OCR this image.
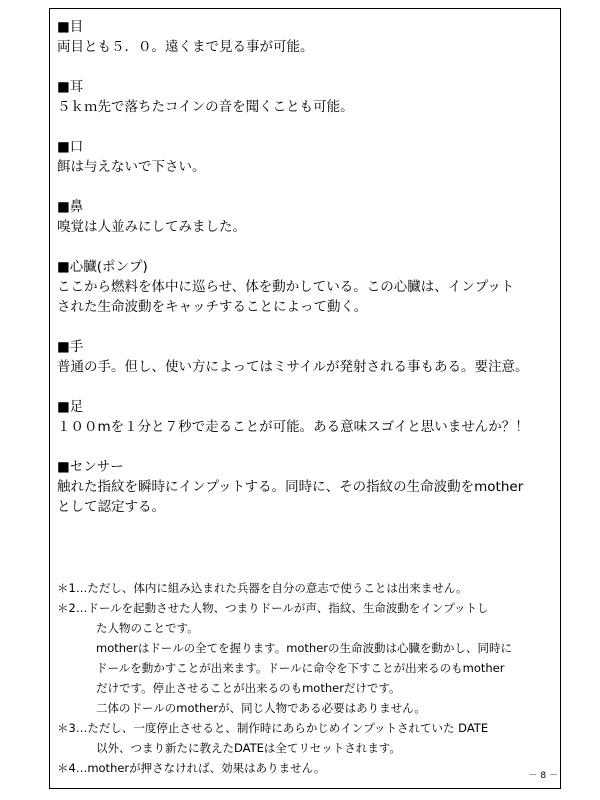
■目
両目とも５．０。遠くまで見る事が可能。
■耳
５ｋｍ先で落ちたコインの音を聞くことも可能。
■口
餌は与えないで下さい。
■鼻
嗅覚は人並みにしてみました。
■心臓(ポンプ)
ここから燃料を体中に巡らせ、体を動かしている。この心臓は、インプット
された生命波動をキャッチすることによって動く。
■手
普通の手。但し、使い方によってはミサイルが発射される事もある。要注意。
■足
１００mを１分と７秒で走ることが可能。ある意味スゴイと思いませんか？！
■センサー
触れた指紋を瞬時にインプットする。同時に、その指紋の生命波動をmother
として認定する。
＊1…ただし、体内に組み込まれた兵器を自分の意志で使うことは出来ません。
＊2…ドールを起動させた人物、つまりドールが声、指紋、生命波動をインプットし
た人物のことです。
motherはドールの全てを握ります。motherの生命波動は心臓を動かし、同時に
ドールを動かすことが出来ます。ドールに命令を下すことが出来るのもmother
だけです。停止させることが出来るのもmotherだけです。
二体のドールのmotherが、同じ人物である必要はありません。
＊3…ただし、一度停止させると、制作時にあらかじめインプットされていた DATE
以外、つまり新たに教えたDATEは全てリセットされます。
＊4…motherが押さなければ、効果はありません。
－ 8 －
